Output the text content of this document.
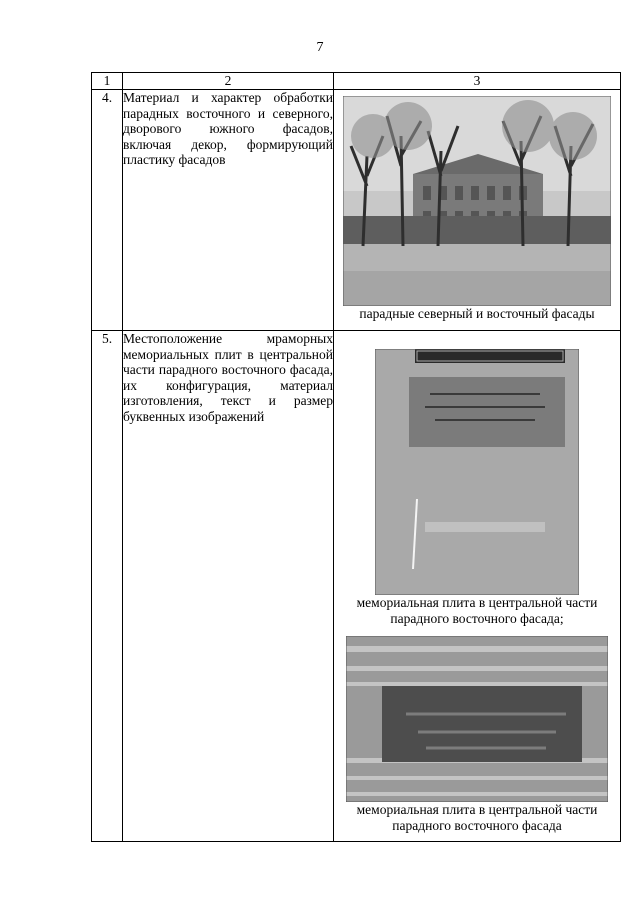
7
1	2	3
4.	Материал и характер обработки парадных восточного и северного, дворового южного фасадов, включая декор, формирующий пластику фасадов	парадные северный и восточный фасады

5.	Местоположение мраморных мемориальных плит в центральной части парадного восточного фасада, их конфигурация, материал изготовления, текст и размер буквенных изображений	мемориальная плита в центральной части парадного восточного фасада;
мемориальная плита в центральной части парадного восточного фасада
